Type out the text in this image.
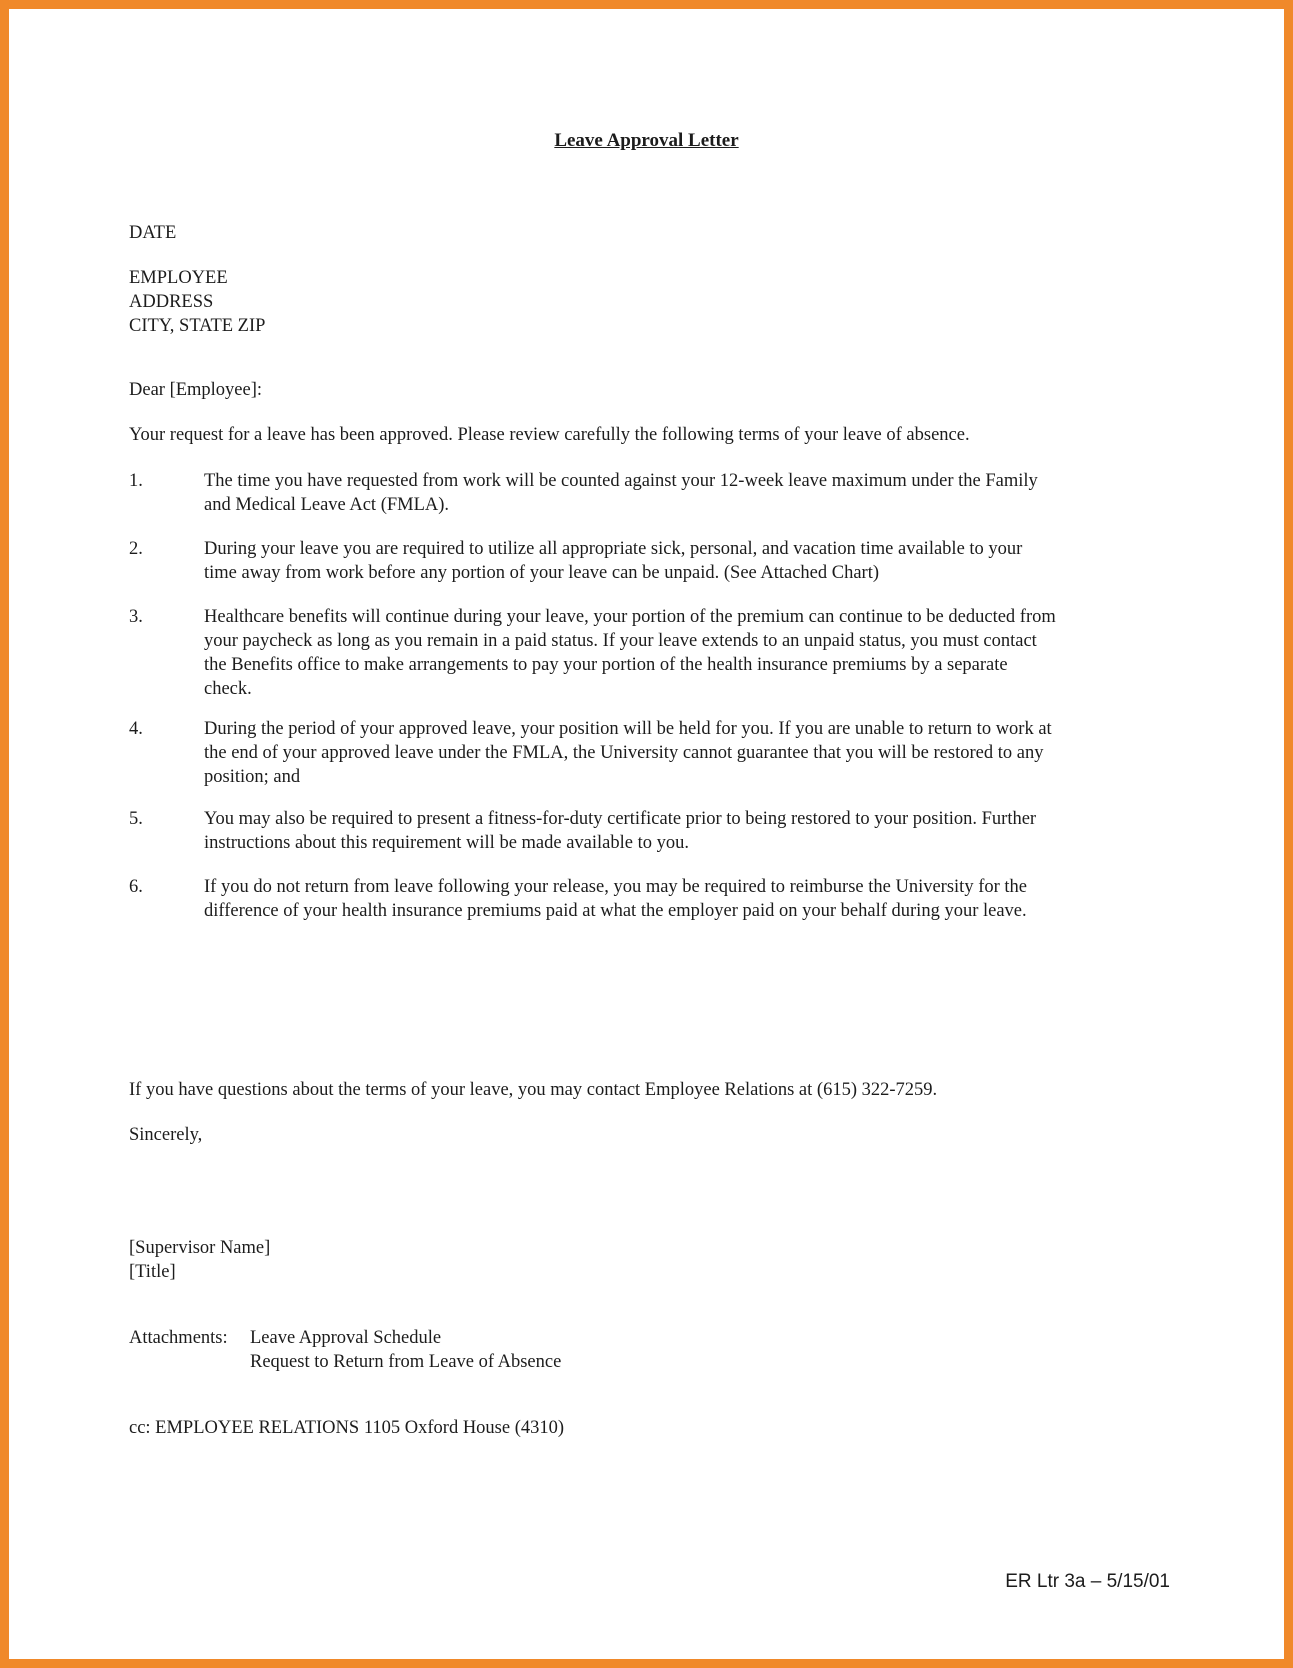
Leave Approval Letter
DATE
EMPLOYEE
ADDRESS
CITY, STATE ZIP
Dear [Employee]:
Your request for a leave has been approved. Please review carefully the following terms of your leave of absence.
1.	The time you have requested from work will be counted against your 12-week leave maximum under the Family
and Medical Leave Act (FMLA).
2.	During your leave you are required to utilize all appropriate sick, personal, and vacation time available to your
time away from work before any portion of your leave can be unpaid. (See Attached Chart)
3.	Healthcare benefits will continue during your leave, your portion of the premium can continue to be deducted from
your paycheck as long as you remain in a paid status. If your leave extends to an unpaid status, you must contact
the Benefits office to make arrangements to pay your portion of the health insurance premiums by a separate
check.
4.	During the period of your approved leave, your position will be held for you. If you are unable to return to work at
the end of your approved leave under the FMLA, the University cannot guarantee that you will be restored to any
position; and
5.	You may also be required to present a fitness-for-duty certificate prior to being restored to your position. Further
instructions about this requirement will be made available to you.
6.	If you do not return from leave following your release, you may be required to reimburse the University for the
difference of your health insurance premiums paid at what the employer paid on your behalf during your leave.
If you have questions about the terms of your leave, you may contact Employee Relations at (615) 322-7259.
Sincerely,
[Supervisor Name]
[Title]
Attachments: Leave Approval Schedule
Request to Return from Leave of Absence
cc: EMPLOYEE RELATIONS 1105 Oxford House (4310)
ER Ltr 3a – 5/15/01
